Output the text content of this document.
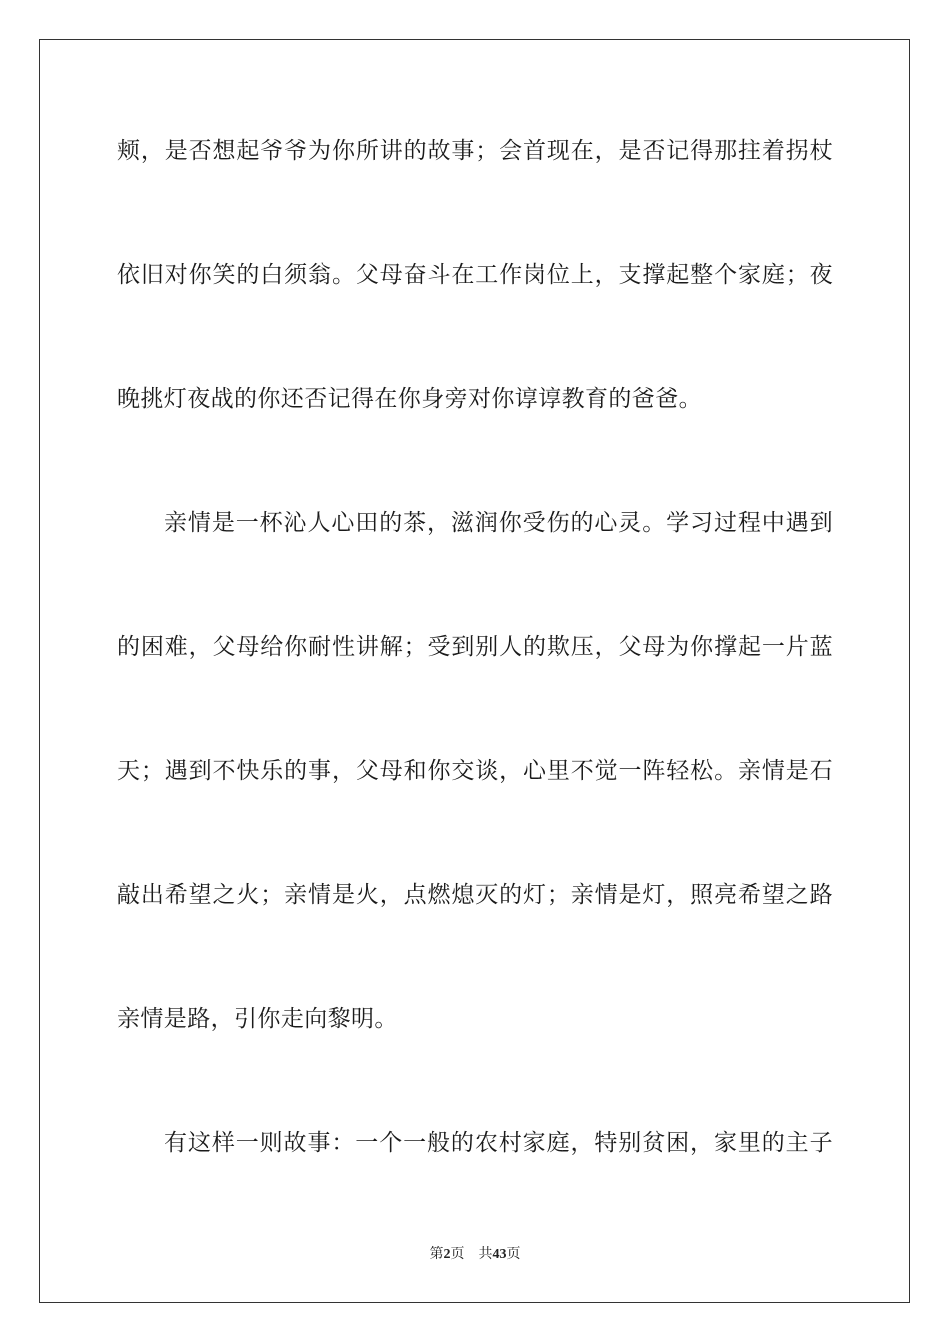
颊，是否想起爷爷为你所讲的故事；会首现在，是否记得那拄着拐杖
依旧对你笑的白须翁。父母奋斗在工作岗位上，支撑起整个家庭；夜
晚挑灯夜战的你还否记得在你身旁对你谆谆教育的爸爸。
亲情是一杯沁人心田的茶，滋润你受伤的心灵。学习过程中遇到
的困难，父母给你耐性讲解；受到别人的欺压，父母为你撑起一片蓝
天；遇到不快乐的事，父母和你交谈，心里不觉一阵轻松。亲情是石
敲出希望之火；亲情是火，点燃熄灭的灯；亲情是灯，照亮希望之路
亲情是路，引你走向黎明。
有这样一则故事：一个一般的农村家庭，特别贫困，家里的主子
第2页 共43页
